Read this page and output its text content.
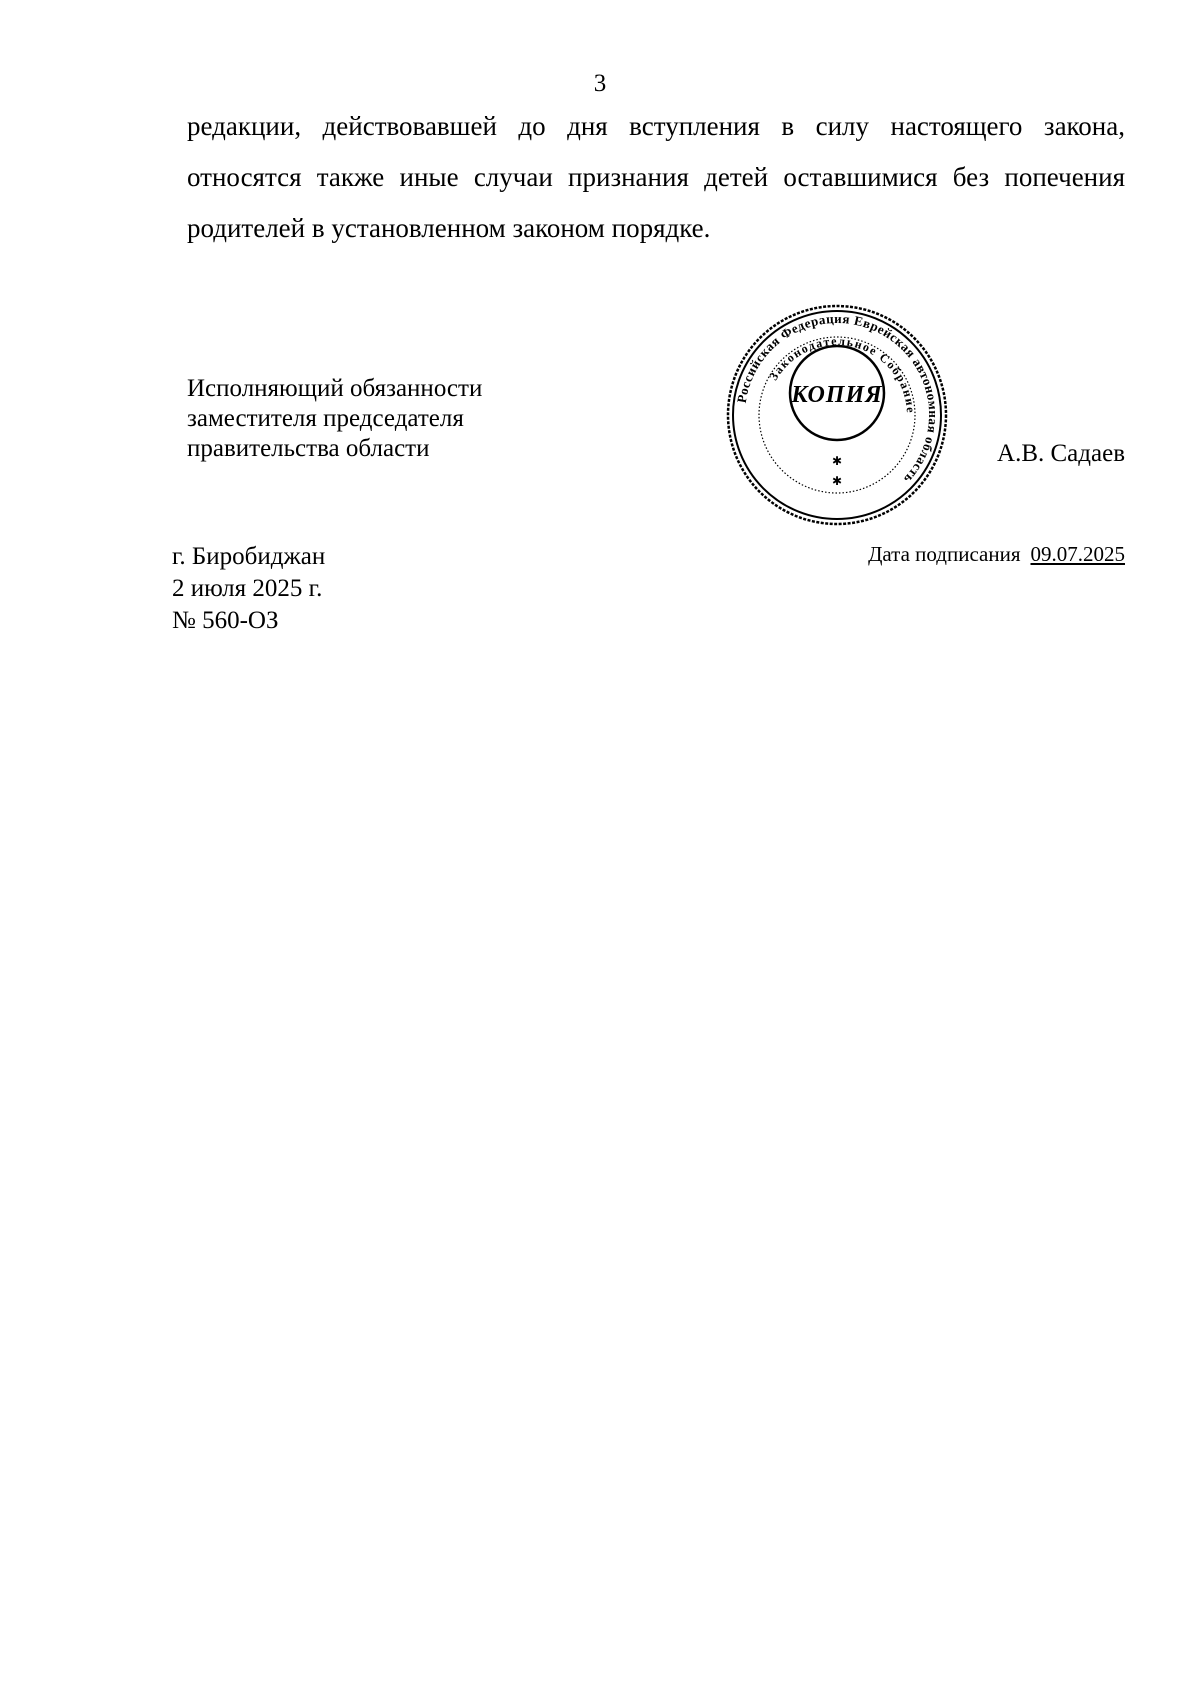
3
редакции, действовавшей до дня вступления в силу настоящего закона,
относятся также иные случаи признания детей оставшимися без попечения
родителей в установленном законом порядке.
Исполняющий обязанности
заместителя председателя
правительства области
Российская Федерация Еврейская автономная область
Законодательное Собрание
КОПИЯ
✱
✱
А.В. Садаев
г. Биробиджан
2 июля 2025 г.
№ 560-ОЗ
Дата подписания 09.07.2025
